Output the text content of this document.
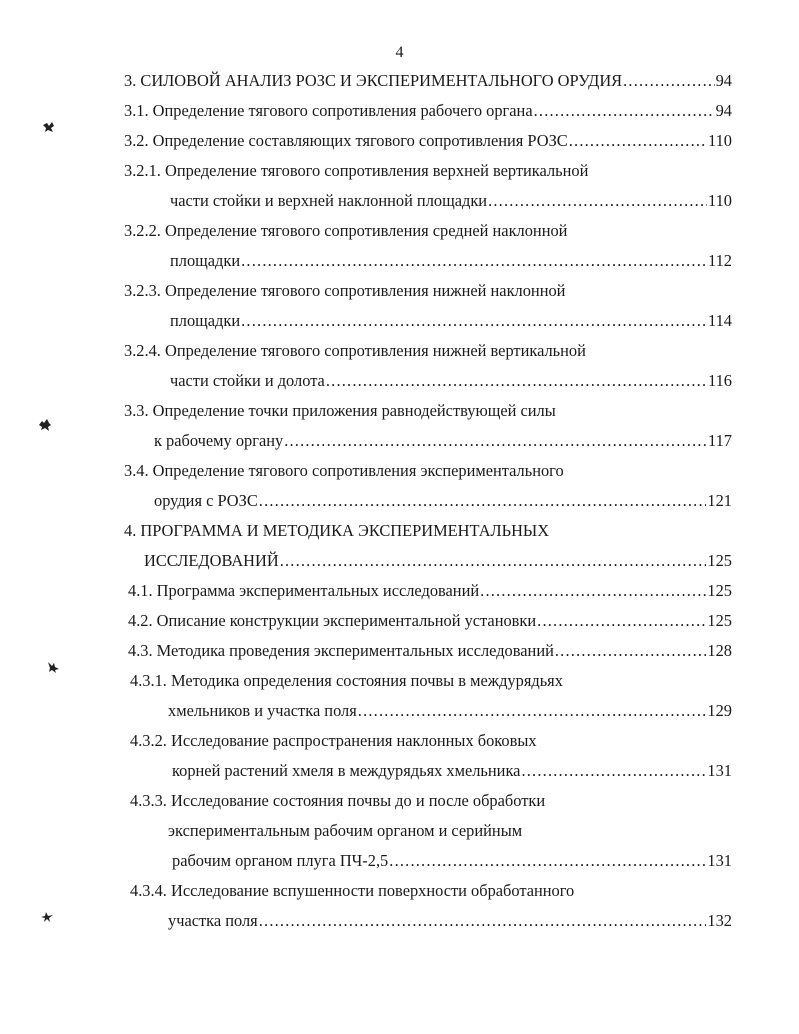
4
3. СИЛОВОЙ АНАЛИЗ РОЗС И ЭКСПЕРИМЕНТАЛЬНОГО ОРУДИЯ .....	94
3.1. Определение тягового сопротивления рабочего органа .....	94
3.2. Определение составляющих тягового сопротивления РОЗС .....	110
3.2.1. Определение тягового сопротивления верхней вертикальной
части стойки и верхней наклонной площадки .....	110
3.2.2. Определение тягового сопротивления средней наклонной
площадки .....	112
3.2.3. Определение тягового сопротивления нижней наклонной
площадки .....	114
3.2.4. Определение тягового сопротивления нижней вертикальной
части стойки и долота .....	116
3.3. Определение точки приложения равнодействующей силы
к рабочему органу .....	117
3.4. Определение тягового сопротивления экспериментального
орудия с РОЗС .....	121
4. ПРОГРАММА И МЕТОДИКА ЭКСПЕРИМЕНТАЛЬНЫХ
ИССЛЕДОВАНИЙ .....	125
4.1. Программа экспериментальных исследований .....	125
4.2. Описание конструкции экспериментальной установки .....	125
4.3. Методика проведения экспериментальных исследований .....	128
4.3.1. Методика определения состояния почвы в междурядьях
хмельников и участка поля .....	129
4.3.2. Исследование распространения наклонных боковых
корней растений хмеля в междурядьях хмельника .....	131
4.3.3. Исследование состояния почвы до и после обработки
экспериментальным рабочим органом и серийным
рабочим органом плуга ПЧ-2,5 .....	131
4.3.4. Исследование вспушенности поверхности обработанного
участка поля .....	132
